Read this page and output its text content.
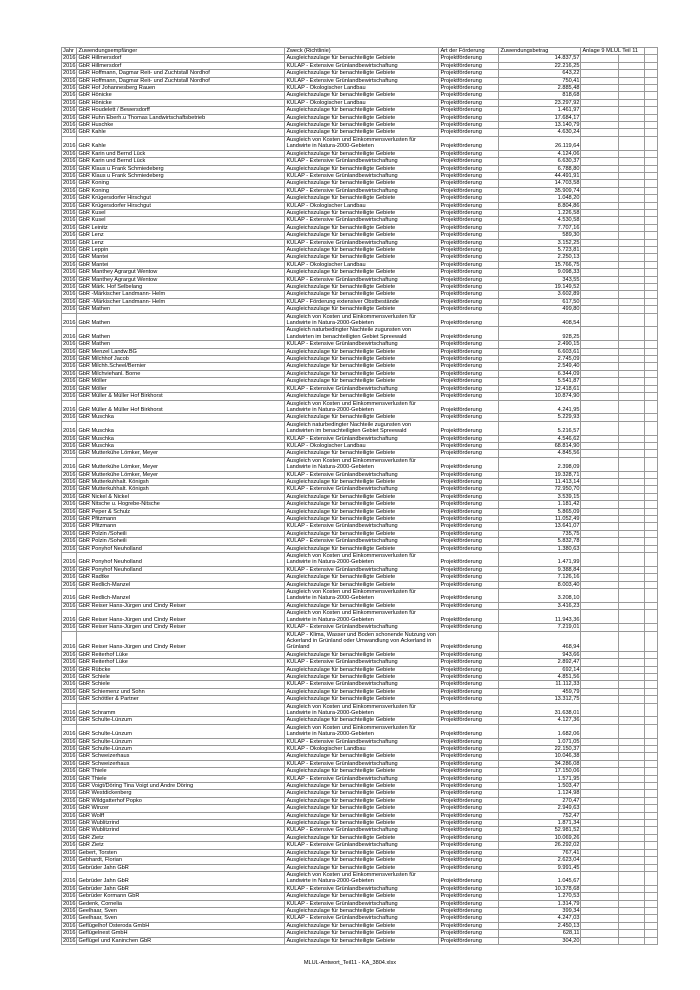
Jahr	Zuwendungsempfänger	Zweck (Richtlinie)	Art der Förderung	Zuwendungsbetrag	Anlage 9 MLUL Teil 11		
2016	GbR Hillmersdorf	Ausgleichszulage für benachteiligte Gebiete	Projektförderung	14.837,57			
2016	GbR Hillmersdorf	KULAP - Extensive Grünlandbewirtschaftung	Projektförderung	22.216,25			
2016	GbR Hoffmann, Dagmar Reit- und Zuchtstall Nordhof	Ausgleichszulage für benachteiligte Gebiete	Projektförderung	643,22			
2016	GbR Hoffmann, Dagmar Reit- und Zuchtstall Nordhof	KULAP - Extensive Grünlandbewirtschaftung	Projektförderung	750,41			
2016	GbR Hof Johannesberg Rauen	KULAP - Ökologischer Landbau	Projektförderung	2.885,48			
2016	GbR Hönicke	Ausgleichszulage für benachteiligte Gebiete	Projektförderung	818,68			
2016	GbR Hönicke	KULAP - Ökologischer Landbau	Projektförderung	23.297,92			
2016	GbR Houdelett / Bewersdorff	Ausgleichszulage für benachteiligte Gebiete	Projektförderung	1.461,97			
2016	GbR Huhn Eberh.u Thomas Landwirtschaftsbetrieb	Ausgleichszulage für benachteiligte Gebiete	Projektförderung	17.684,17			
2016	GbR Huschke	Ausgleichszulage für benachteiligte Gebiete	Projektförderung	13.140,79			
2016	GbR Kahle	Ausgleichszulage für benachteiligte Gebiete	Projektförderung	4.630,24			
2016	GbR Kahle	Ausgleich von Kosten und Einkommensverlusten für Landwirte in Natura-2000-Gebieten	Projektförderung	26.119,64			
2016	GbR Karin und Bernd Lück	Ausgleichszulage für benachteiligte Gebiete	Projektförderung	4.124,06			
2016	GbR Karin und Bernd Lück	KULAP - Extensive Grünlandbewirtschaftung	Projektförderung	6.630,37			
2016	GbR Klaus u Frank Schmiedeberg	Ausgleichszulage für benachteiligte Gebiete	Projektförderung	6.788,80			
2016	GbR Klaus u Frank Schmiedeberg	KULAP - Extensive Grünlandbewirtschaftung	Projektförderung	44.491,91			
2016	GbR Koning	Ausgleichszulage für benachteiligte Gebiete	Projektförderung	14.703,58			
2016	GbR Koning	KULAP - Extensive Grünlandbewirtschaftung	Projektförderung	35.909,74			
2016	GbR Krügersdorfer Hirschgut	Ausgleichszulage für benachteiligte Gebiete	Projektförderung	1.048,20			
2016	GbR Krügersdorfer Hirschgut	KULAP - Ökologischer Landbau	Projektförderung	8.804,86			
2016	GbR Kusel	Ausgleichszulage für benachteiligte Gebiete	Projektförderung	1.226,58			
2016	GbR Kusel	KULAP - Extensive Grünlandbewirtschaftung	Projektförderung	4.530,58			
2016	GbR Leinitz	Ausgleichszulage für benachteiligte Gebiete	Projektförderung	7.707,16			
2016	GbR Lenz	Ausgleichszulage für benachteiligte Gebiete	Projektförderung	589,30			
2016	GbR Lenz	KULAP - Extensive Grünlandbewirtschaftung	Projektförderung	3.152,25			
2016	GbR Leppin	Ausgleichszulage für benachteiligte Gebiete	Projektförderung	5.723,81			
2016	GbR Mantei	Ausgleichszulage für benachteiligte Gebiete	Projektförderung	2.250,13			
2016	GbR Mantei	KULAP - Ökologischer Landbau	Projektförderung	15.766,75			
2016	GbR Manthey Agrargut Wentow	Ausgleichszulage für benachteiligte Gebiete	Projektförderung	9.098,33			
2016	GbR Manthey Agrargut Wentow	KULAP - Extensive Grünlandbewirtschaftung	Projektförderung	343,55			
2016	GbR Märk. Hof Selbelang	Ausgleichszulage für benachteiligte Gebiete	Projektförderung	19.149,52			
2016	GbR -Märkischer Landmann- Helm	Ausgleichszulage für benachteiligte Gebiete	Projektförderung	3.602,89			
2016	GbR -Märkischer Landmann- Helm	KULAP - Förderung extensiver Obstbestände	Projektförderung	617,50			
2016	GbR Mathen	Ausgleichszulage für benachteiligte Gebiete	Projektförderung	499,80			
2016	GbR Mathen	Ausgleich von Kosten und Einkommensverlusten für Landwirte in Natura-2000-Gebieten	Projektförderung	408,54			
2016	GbR Mathen	Ausgleich naturbedingter Nachteile zugunsten von Landwirten im benachteiligten Gebiet Spreewald	Projektförderung	928,25			
2016	GbR Mathen	KULAP - Extensive Grünlandbewirtschaftung	Projektförderung	2.490,15			
2016	GbR Menzel Landw.BG	Ausgleichszulage für benachteiligte Gebiete	Projektförderung	6.603,61			
2016	GbR Milchhof Jacob	Ausgleichszulage für benachteiligte Gebiete	Projektförderung	2.745,09			
2016	GbR Milchh.Scheel/Bernier	Ausgleichszulage für benachteiligte Gebiete	Projektförderung	2.549,40			
2016	GbR Milchviehanl. Borne	Ausgleichszulage für benachteiligte Gebiete	Projektförderung	6.344,09			
2016	GbR Möller	Ausgleichszulage für benachteiligte Gebiete	Projektförderung	5.541,87			
2016	GbR Möller	KULAP - Extensive Grünlandbewirtschaftung	Projektförderung	12.418,61			
2016	GbR Müller & Müller Hof Birkhorst	Ausgleichszulage für benachteiligte Gebiete	Projektförderung	10.874,90			
2016	GbR Müller & Müller Hof Birkhorst	Ausgleich von Kosten und Einkommensverlusten für Landwirte in Natura-2000-Gebieten	Projektförderung	4.241,95			
2016	GbR Muschka	Ausgleichszulage für benachteiligte Gebiete	Projektförderung	5.229,93			
2016	GbR Muschka	Ausgleich naturbedingter Nachteile zugunsten von Landwirten im benachteiligten Gebiet Spreewald	Projektförderung	5.216,57			
2016	GbR Muschka	KULAP - Extensive Grünlandbewirtschaftung	Projektförderung	4.546,62			
2016	GbR Muschka	KULAP - Ökologischer Landbau	Projektförderung	68.814,90			
2016	GbR Mutterkühe Lömker, Meyer	Ausgleichszulage für benachteiligte Gebiete	Projektförderung	4.845,56			
2016	GbR Mutterkühe Lömker, Meyer	Ausgleich von Kosten und Einkommensverlusten für Landwirte in Natura-2000-Gebieten	Projektförderung	2.398,09			
2016	GbR Mutterkühe Lömker, Meyer	KULAP - Extensive Grünlandbewirtschaftung	Projektförderung	19.328,71			
2016	GbR Mutterkuhhalt. Königsh	Ausgleichszulage für benachteiligte Gebiete	Projektförderung	11.413,14			
2016	GbR Mutterkuhhalt. Königsh	KULAP - Extensive Grünlandbewirtschaftung	Projektförderung	72.950,70			
2016	GbR Nickel & Nickel	Ausgleichszulage für benachteiligte Gebiete	Projektförderung	3.539,15			
2016	GbR Nitsche u. Hogrebe-Nitsche	Ausgleichszulage für benachteiligte Gebiete	Projektförderung	1.181,42			
2016	GbR Peper & Schulz	Ausgleichszulage für benachteiligte Gebiete	Projektförderung	5.865,09			
2016	GbR Pfitzmann	Ausgleichszulage für benachteiligte Gebiete	Projektförderung	11.052,49			
2016	GbR Pfitzmann	KULAP - Extensive Grünlandbewirtschaftung	Projektförderung	13.641,07			
2016	GbR Polzin /Soheili	Ausgleichszulage für benachteiligte Gebiete	Projektförderung	735,75			
2016	GbR Polzin /Soheili	KULAP - Extensive Grünlandbewirtschaftung	Projektförderung	5.832,78			
2016	GbR Ponyhof Neuholland	Ausgleichszulage für benachteiligte Gebiete	Projektförderung	1.380,63			
2016	GbR Ponyhof Neuholland	Ausgleich von Kosten und Einkommensverlusten für Landwirte in Natura-2000-Gebieten	Projektförderung	1.471,99			
2016	GbR Ponyhof Neuholland	KULAP - Extensive Grünlandbewirtschaftung	Projektförderung	9.388,84			
2016	GbR Radtke	Ausgleichszulage für benachteiligte Gebiete	Projektförderung	7.126,16			
2016	GbR Redlich-Manzel	Ausgleichszulage für benachteiligte Gebiete	Projektförderung	8.003,40			
2016	GbR Redlich-Manzel	Ausgleich von Kosten und Einkommensverlusten für Landwirte in Natura-2000-Gebieten	Projektförderung	3.208,10			
2016	GbR Reiser Hans-Jürgen und Cindy Reiser	Ausgleichszulage für benachteiligte Gebiete	Projektförderung	3.416,23			
2016	GbR Reiser Hans-Jürgen und Cindy Reiser	Ausgleich von Kosten und Einkommensverlusten für Landwirte in Natura-2000-Gebieten	Projektförderung	11.943,36			
2016	GbR Reiser Hans-Jürgen und Cindy Reiser	KULAP - Extensive Grünlandbewirtschaftung	Projektförderung	7.219,01			
2016	GbR Reiser Hans-Jürgen und Cindy Reiser	KULAP - Klima, Wasser und Boden schonende Nutzung von Ackerland in Grünland oder Umwandlung von Ackerland in Grünland	Projektförderung	468,94			
2016	GbR Reiterhof Lüke	Ausgleichszulage für benachteiligte Gebiete	Projektförderung	943,66			
2016	GbR Reiterhof Lüke	KULAP - Extensive Grünlandbewirtschaftung	Projektförderung	2.892,47			
2016	GbR Rübcke	Ausgleichszulage für benachteiligte Gebiete	Projektförderung	692,14			
2016	GbR Schiele	Ausgleichszulage für benachteiligte Gebiete	Projektförderung	4.851,56			
2016	GbR Schiele	KULAP - Extensive Grünlandbewirtschaftung	Projektförderung	11.112,33			
2016	GbR Schiemenz und Sohn	Ausgleichszulage für benachteiligte Gebiete	Projektförderung	459,79			
2016	GbR Schöttler & Partner	Ausgleichszulage für benachteiligte Gebiete	Projektförderung	13.312,75			
2016	GbR Schramm	Ausgleich von Kosten und Einkommensverlusten für Landwirte in Natura-2000-Gebieten	Projektförderung	31.638,01			
2016	GbR Schulte-Lünzum	Ausgleichszulage für benachteiligte Gebiete	Projektförderung	4.127,36			
2016	GbR Schulte-Lünzum	Ausgleich von Kosten und Einkommensverlusten für Landwirte in Natura-2000-Gebieten	Projektförderung	1.682,06			
2016	GbR Schulte-Lünzum	KULAP - Extensive Grünlandbewirtschaftung	Projektförderung	1.071,05			
2016	GbR Schulte-Lünzum	KULAP - Ökologischer Landbau	Projektförderung	22.150,37			
2016	GbR Schweizerhaus	Ausgleichszulage für benachteiligte Gebiete	Projektförderung	10.046,38			
2016	GbR Schweizerhaus	KULAP - Extensive Grünlandbewirtschaftung	Projektförderung	34.286,08			
2016	GbR Thiele	Ausgleichszulage für benachteiligte Gebiete	Projektförderung	17.150,06			
2016	GbR Thiele	KULAP - Extensive Grünlandbewirtschaftung	Projektförderung	1.571,95			
2016	GbR Voigt/Döring Tina Voigt und Andre Döring	Ausgleichszulage für benachteiligte Gebiete	Projektförderung	1.503,47			
2016	GbR Westdickenberg	Ausgleichszulage für benachteiligte Gebiete	Projektförderung	1.124,98			
2016	GbR Wildgatterhof Popko	Ausgleichszulage für benachteiligte Gebiete	Projektförderung	270,47			
2016	GbR Winzer	Ausgleichszulage für benachteiligte Gebiete	Projektförderung	2.949,63			
2016	GbR Wolff	Ausgleichszulage für benachteiligte Gebiete	Projektförderung	752,47			
2016	GbR Wublitzrind	Ausgleichszulage für benachteiligte Gebiete	Projektförderung	1.871,34			
2016	GbR Wublitzrind	KULAP - Extensive Grünlandbewirtschaftung	Projektförderung	52.981,52			
2016	GbR Zietz	Ausgleichszulage für benachteiligte Gebiete	Projektförderung	10.069,26			
2016	GbR Zietz	KULAP - Extensive Grünlandbewirtschaftung	Projektförderung	26.292,02			
2016	Gebert, Torsten	Ausgleichszulage für benachteiligte Gebiete	Projektförderung	767,41			
2016	Gebhardt, Florian	Ausgleichszulage für benachteiligte Gebiete	Projektförderung	2.623,04			
2016	Gebrüder Jahn GbR	Ausgleichszulage für benachteiligte Gebiete	Projektförderung	9.991,45			
2016	Gebrüder Jahn GbR	Ausgleich von Kosten und Einkommensverlusten für Landwirte in Natura-2000-Gebieten	Projektförderung	1.045,67			
2016	Gebrüder Jahn GbR	KULAP - Extensive Grünlandbewirtschaftung	Projektförderung	10.378,68			
2016	Gebrüder Kormann GbR	Ausgleichszulage für benachteiligte Gebiete	Projektförderung	1.270,53			
2016	Gedenk, Cornelia	KULAP - Extensive Grünlandbewirtschaftung	Projektförderung	1.314,79			
2016	Geelhaar, Sven	Ausgleichszulage für benachteiligte Gebiete	Projektförderung	399,34			
2016	Geelhaar, Sven	KULAP - Extensive Grünlandbewirtschaftung	Projektförderung	4.247,03			
2016	Geflügelhof Osteroda GmbH	Ausgleichszulage für benachteiligte Gebiete	Projektförderung	2.450,13			
2016	Geflügelnest GmbH	Ausgleichszulage für benachteiligte Gebiete	Projektförderung	628,11			
2016	Geflügel und Kaninchen GbR	Ausgleichszulage für benachteiligte Gebiete	Projektförderung	304,20			
MLUL-Antwort_Teil11 - KA_3804.xlsx
